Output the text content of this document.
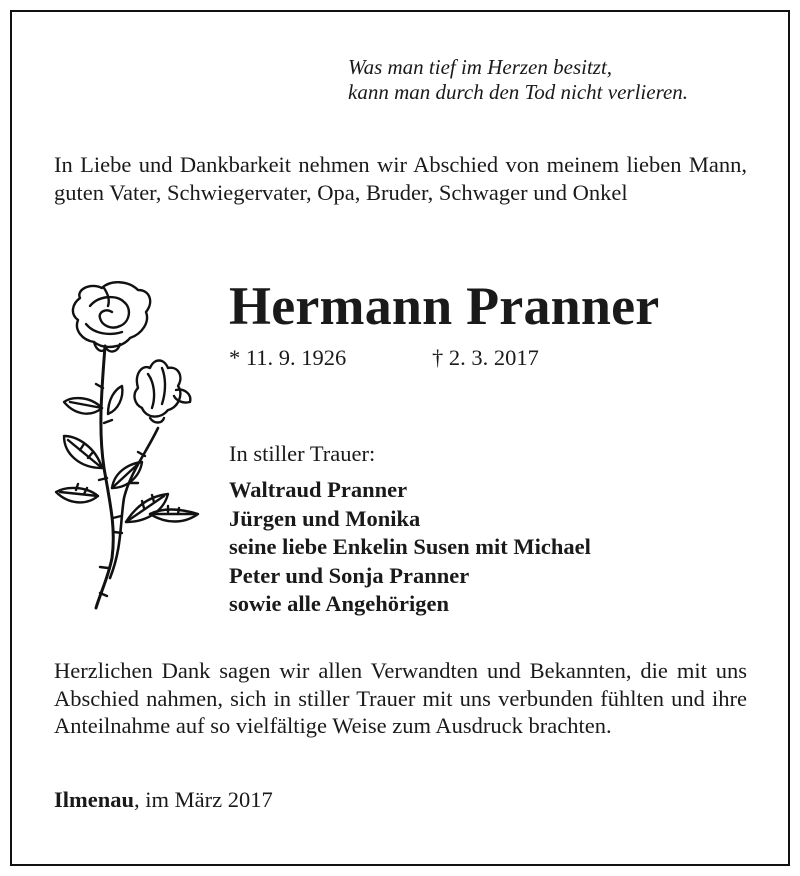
Was man tief im Herzen besitzt,
kann man durch den Tod nicht verlieren.
In Liebe und Dankbarkeit nehmen wir Abschied von meinem lieben Mann, guten Vater, Schwiegervater, Opa, Bruder, Schwager und Onkel
Hermann Pranner
* 11. 9. 1926	† 2. 3. 2017
In stiller Trauer:
Waltraud Pranner
Jürgen und Monika
seine liebe Enkelin Susen mit Michael
Peter und Sonja Pranner
sowie alle Angehörigen
Herzlichen Dank sagen wir allen Verwandten und Bekannten, die mit uns Abschied nahmen, sich in stiller Trauer mit uns verbunden fühlten und ihre Anteilnahme auf so vielfältige Weise zum Ausdruck brachten.
Ilmenau, im März 2017
